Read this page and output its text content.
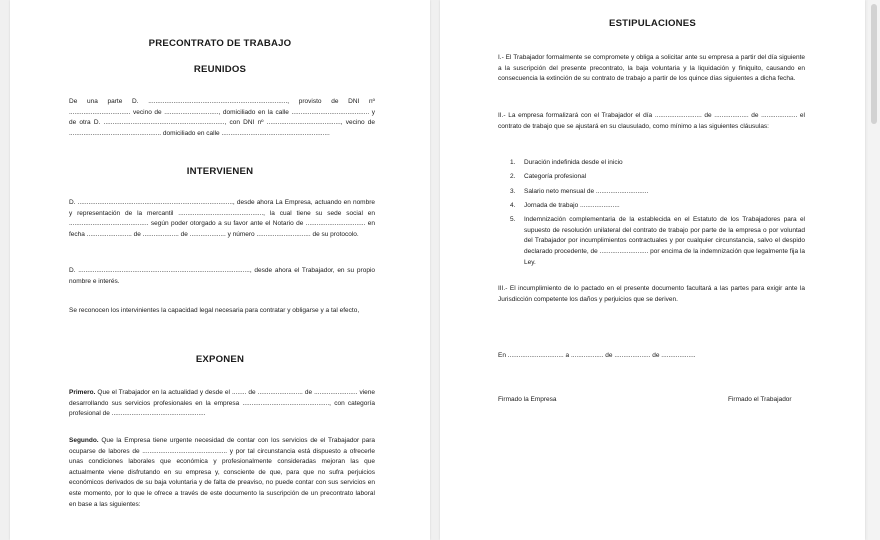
PRECONTRATO DE TRABAJO
REUNIDOS

De una parte D. ............................................................................., provisto de DNI nº .................................. vecino de .............................., domiciliado en la calle ........................................... y de otra D. ..................................................................., con DNI nº ........................................., vecino de ................................................... domiciliado en calle ............................................................

INTERVIENEN

D. ......................................................................................, desde ahora La Empresa, actuando en nombre y representación de la mercantil ..............................................., la cual tiene su sede social en ............................................ según poder otorgado a su favor ante el Notario de ................................. en fecha ......................... de .................... de .................... y número .............................. de su protocolo.

D. ..............................................................................................., desde ahora el Trabajador, en su propio nombre e interés.

Se reconocen los intervinientes la capacidad legal necesaria para contratar y obligarse y a tal efecto,

EXPONEN

Primero. Que el Trabajador en la actualidad y desde el ........ de ......................... de ........................ viene desarrollando sus servicios profesionales en la empresa ................................................, con categoría profesional de ....................................................

Segundo. Que la Empresa tiene urgente necesidad de contar con los servicios de el Trabajador para ocuparse de labores de ............................................... y por tal circunstancia está dispuesto a ofrecerle unas condiciones laborales que económica y profesionalmente consideradas mejoran las que actualmente viene disfrutando en su empresa y, consciente de que, para que no sufra perjuicios económicos derivados de su baja voluntaria y de falta de preaviso, no puede contar con sus servicios en este momento, por lo que le ofrece a través de este documento la suscripción de un precontrato laboral en base a las siguientes:

ESTIPULACIONES

I.- El Trabajador formalmente se compromete y obliga a solicitar ante su empresa a partir del día siguiente a la suscripción del presente precontrato, la baja voluntaria y la liquidación y finiquito, causando en consecuencia la extinción de su contrato de trabajo a partir de los quince días siguientes a dicha fecha.

II.- La empresa formalizará con el Trabajador el día .......................... de ................... de .................... el contrato de trabajo que se ajustará en su clausulado, como mínimo a las siguientes cláusulas:

1. Duración indefinida desde el inicio
2. Categoría profesional
3. Salario neto mensual de .............................
4. Jornada de trabajo ......................
5. Indemnización complementaria de la establecida en el Estatuto de los Trabajadores para el supuesto de resolución unilateral del contrato de trabajo por parte de la empresa o por voluntad del Trabajador por incumplimientos contractuales y por cualquier circunstancia, salvo el despido declarado procedente, de ........................... por encima de la indemnización que legalmente fija la Ley.

III.- El incumplimiento de lo pactado en el presente documento facultará a las partes para exigir ante la Jurisdicción competente los daños y perjuicios que se deriven.

En ............................... a .................. de .................... de ...................
Firmado la Empresa	Firmado el Trabajador
